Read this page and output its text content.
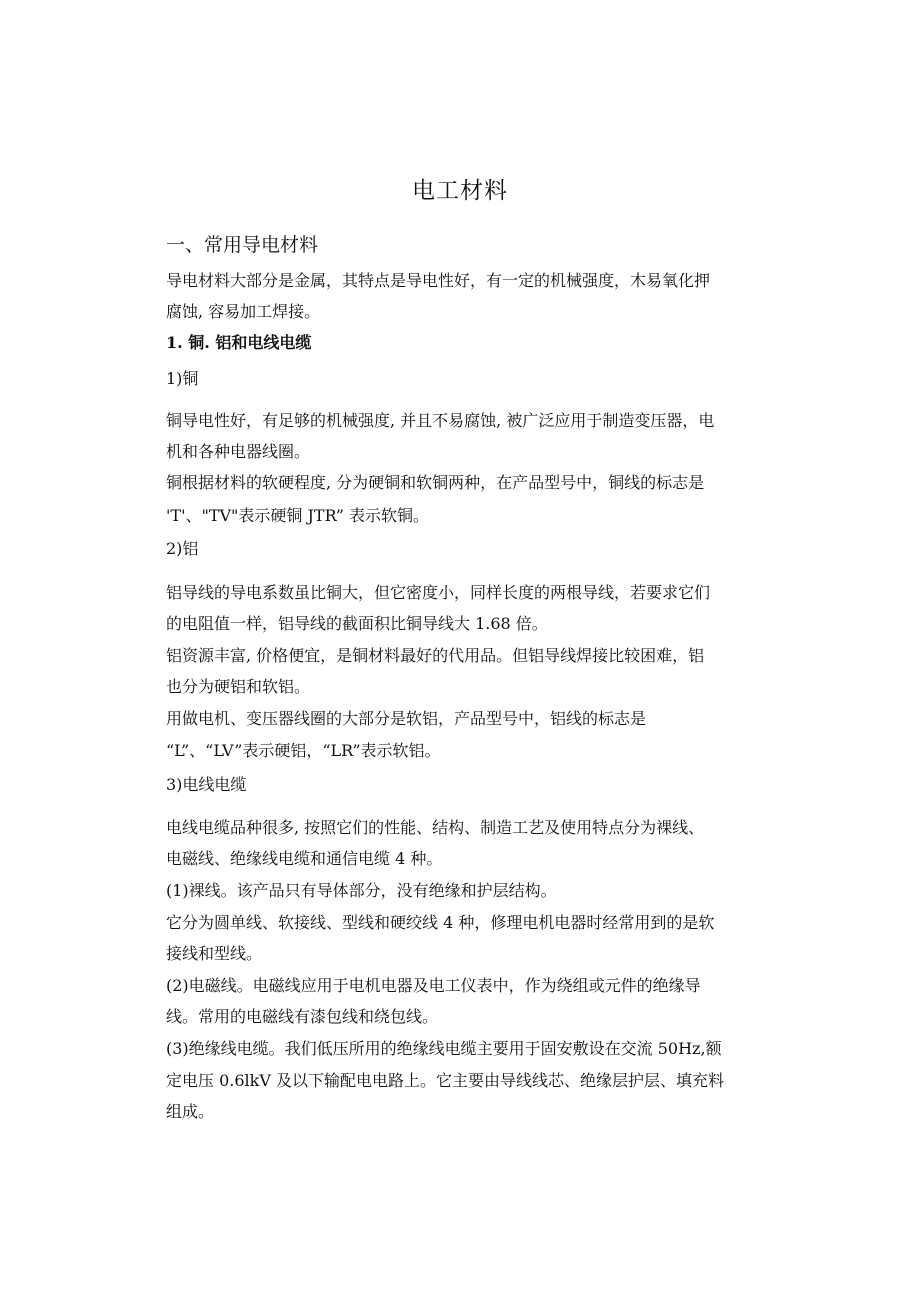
电工材料
一、常用导电材料
导电材料大部分是金属，其特点是导电性好，有一定的机械强度，木易氧化押
腐蚀, 容易加工焊接。
1. 铜. 铝和电线电缆
1)铜
铜导电性好，有足够的机械强度, 并且不易腐蚀, 被广泛应用于制造变压器，电
机和各种电器线圈。
铜根据材料的软硬程度, 分为硬铜和软铜两种，在产品型号中，铜线的标志是
'T'、"TV"表示硬铜 JTR” 表示软铜。
2)铝
铝导线的导电系数虽比铜大，但它密度小，同样长度的两根导线，若要求它们
的电阻值一样，铝导线的截面积比铜导线大 1.68 倍。
铝资源丰富, 价格便宜，是铜材料最好的代用品。但铝导线焊接比较困难，铝
也分为硬铝和软铝。
用做电机、变压器线圈的大部分是软铝，产品型号中，铝线的标志是
“L”、“LV”表示硬铝，“LR”表示软铝。
3)电线电缆
电线电缆品种很多, 按照它们的性能、结构、制造工艺及使用特点分为裸线、
电磁线、绝缘线电缆和通信电缆 4 种。
(1)裸线。该产品只有导体部分，没有绝缘和护层结构。
它分为圆单线、软接线、型线和硬绞线 4 种，修理电机电器时经常用到的是软
接线和型线。
(2)电磁线。电磁线应用于电机电器及电工仪表中，作为绕组或元件的绝缘导
线。常用的电磁线有漆包线和绕包线。
(3)绝缘线电缆。我们低压所用的绝缘线电缆主要用于固安敷设在交流 50Hz,额
定电压 0.6lkV 及以下输配电电路上。它主要由导线线芯、绝缘层护层、填充料
组成。
